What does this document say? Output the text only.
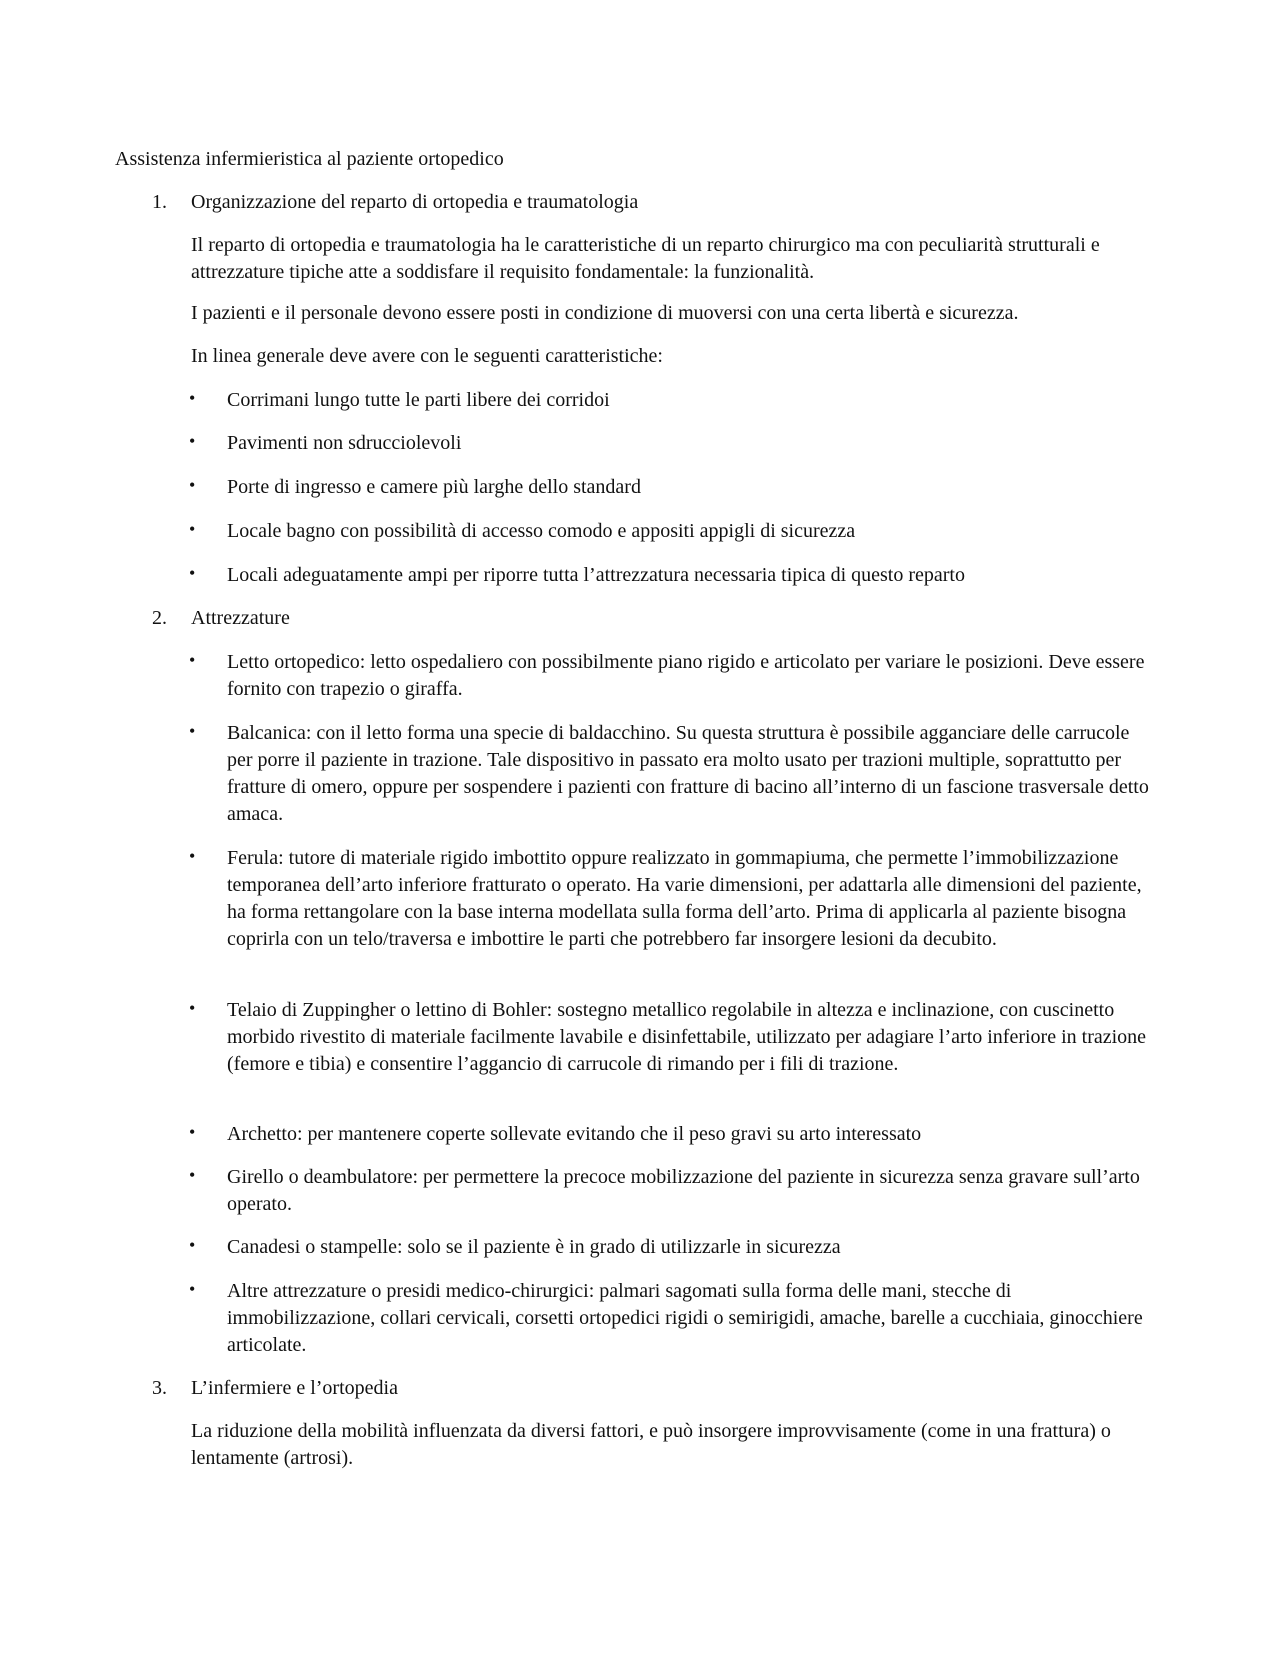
Assistenza infermieristica al paziente ortopedico
1. Organizzazione del reparto di ortopedia e traumatologia

Il reparto di ortopedia e traumatologia ha le caratteristiche di un reparto chirurgico ma con peculiarità strutturali e attrezzature tipiche atte a soddisfare il requisito fondamentale: la funzionalità.

I pazienti e il personale devono essere posti in condizione di muoversi con una certa libertà e sicurezza.

In linea generale deve avere con le seguenti caratteristiche:

• Corrimani lungo tutte le parti libere dei corridoi

• Pavimenti non sdrucciolevoli

• Porte di ingresso e camere più larghe dello standard

• Locale bagno con possibilità di accesso comodo e appositi appigli di sicurezza

• Locali adeguatamente ampi per riporre tutta l’attrezzatura necessaria tipica di questo reparto

2. Attrezzature
• Letto ortopedico: letto ospedaliero con possibilmente piano rigido e articolato per variare le posizioni. Deve essere fornito con trapezio o giraffa.

• Balcanica: con il letto forma una specie di baldacchino. Su questa struttura è possibile agganciare delle carrucole per porre il paziente in trazione. Tale dispositivo in passato era molto usato per trazioni multiple, soprattutto per fratture di omero, oppure per sospendere i pazienti con fratture di bacino all’interno di un fascione trasversale detto amaca.

• Ferula: tutore di materiale rigido imbottito oppure realizzato in gommapiuma, che permette l’immobilizzazione temporanea dell’arto inferiore fratturato o operato. Ha varie dimensioni, per adattarla alle dimensioni del paziente, ha forma rettangolare con la base interna modellata sulla forma dell’arto. Prima di applicarla al paziente bisogna coprirla con un telo/traversa e imbottire le parti che potrebbero far insorgere lesioni da decubito.

• Telaio di Zuppingher o lettino di Bohler: sostegno metallico regolabile in altezza e inclinazione, con cuscinetto morbido rivestito di materiale facilmente lavabile e disinfettabile, utilizzato per adagiare l’arto inferiore in trazione (femore e tibia) e consentire l’aggancio di carrucole di rimando per i fili di trazione.

• Archetto: per mantenere coperte sollevate evitando che il peso gravi su arto interessato

• Girello o deambulatore: per permettere la precoce mobilizzazione del paziente in sicurezza senza gravare sull’arto operato.

• Canadesi o stampelle: solo se il paziente è in grado di utilizzarle in sicurezza

• Altre attrezzature o presidi medico-chirurgici: palmari sagomati sulla forma delle mani, stecche di immobilizzazione, collari cervicali, corsetti ortopedici rigidi o semirigidi, amache, barelle a cucchiaia, ginocchiere articolate.

3. L’infermiere e l’ortopedia

La riduzione della mobilità influenzata da diversi fattori, e può insorgere improvvisamente (come in una frattura) o lentamente (artrosi).
